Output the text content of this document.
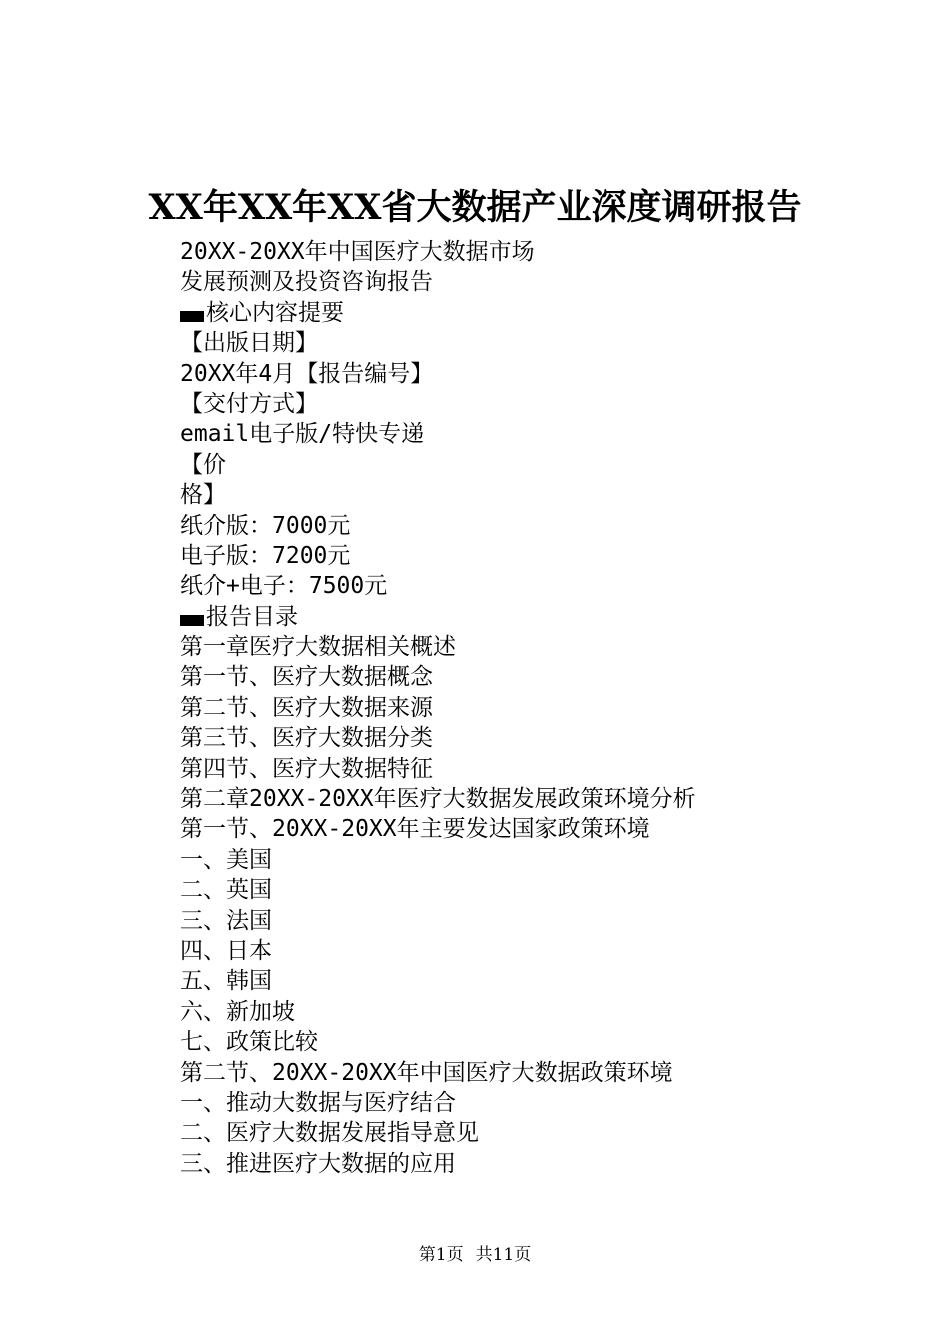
XX年XX年XX省大数据产业深度调研报告
20XX-20XX年中国医疗大数据市场
发展预测及投资咨询报告
核心内容提要
【出版日期】
20XX年4月【报告编号】
【交付方式】
email电子版/特快专递
【价
格】
纸介版：7000元
电子版：7200元
纸介+电子：7500元
报告目录
第一章医疗大数据相关概述
第一节、医疗大数据概念
第二节、医疗大数据来源
第三节、医疗大数据分类
第四节、医疗大数据特征
第二章20XX-20XX年医疗大数据发展政策环境分析
第一节、20XX-20XX年主要发达国家政策环境
一、美国
二、英国
三、法国
四、日本
五、韩国
六、新加坡
七、政策比较
第二节、20XX-20XX年中国医疗大数据政策环境
一、推动大数据与医疗结合
二、医疗大数据发展指导意见
三、推进医疗大数据的应用
第1页 共11页
